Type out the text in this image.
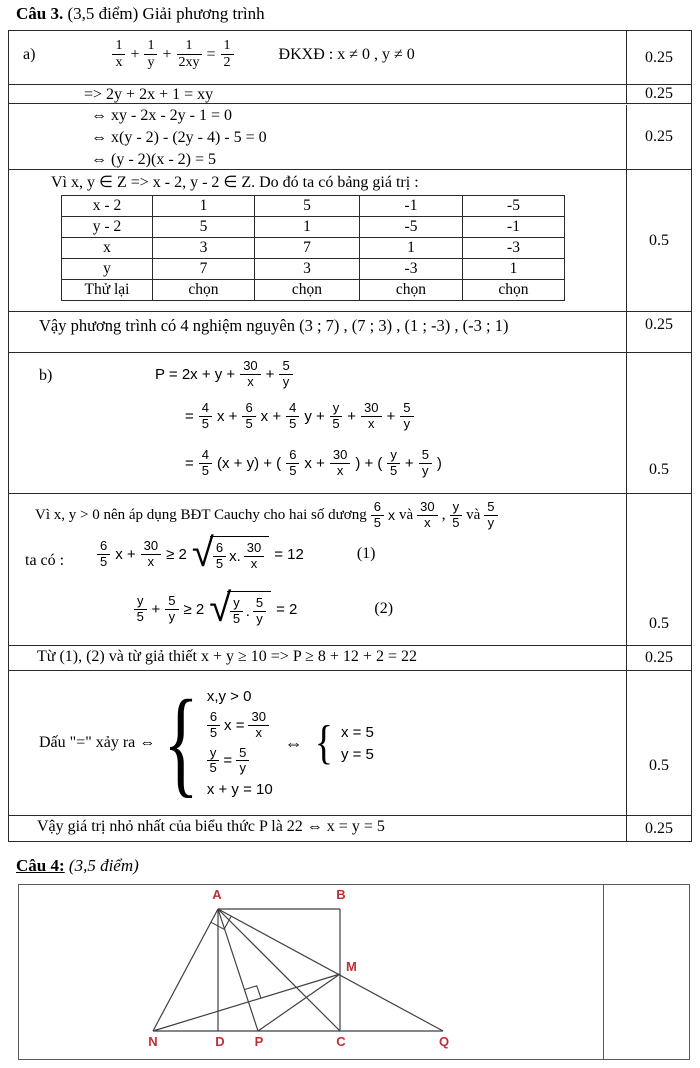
Câu 3. (3,5 điểm) Giải phương trình
a)
1
$x + \frac{1}{y} + \frac{1}{2xy} = \frac{1}{2}$	ĐKXĐ : x ≠ 0 , y ≠ 0	0.25
=> 2y + 2x + 1 = xy	0.25
⇔ xy - 2x - 2y - 1 = 0
⇔ x(y - 2) - (2y - 4) - 5 = 0
⇔ (y - 2)(x - 2) = 5
0.25
Vì x, y ∈ Z => x - 2, y - 2 ∈ Z. Do đó ta có bảng giá trị :
x - 2	1	5	-1	-5
y - 2	5	1	-5	-1
x	3	7	1	-3
y	7	3	-3	1
Thử lại	chọn	chọn	chọn	chọn
0.5
Vậy phương trình có 4 nghiệm nguyên (3 ; 7) , (7 ; 3) , (1 ; -3) , (-3 ; 1)	0.25
b)	$P = 2x + y + \frac{30}{x} + \frac{5}{y}$
= $\frac{4}{5}$ $x + \frac{6}{5}$ $x + \frac{4}{5}$ $y + \frac{y}{5} + \frac{30}{x} + \frac{5}{y}$
= $\frac{4}{5} (x + y)$ + (
6
5 $x + \frac{30}{x}$ ) + (
y
$5 + \frac{5}{y}$ )	0.5
Vì x, y > 0 nên áp dụng BĐT Cauchy cho hai số dương
6
5 x và
30
x , y
5 và
5
y
ta có :
6
5 $x + \frac{30}{x} \ge 2$ √ 6
5 x.
30
x
= 12	(1)
y
$5 + \frac{5}{y} \ge 2$ √ y
5 .
5
y
= 2	(2)
0.5
Từ (1), (2) và từ giả thiết x + y ≥ 10 => P ≥ 8 + 12 + 2 = 22	0.25
Dấu "=" xảy ra ⇔ { x,y > 0
6
5 $x = \frac{30}{x}$
$\frac{y}{5} = \frac{5}{y}$
x + y = 10
⇔ { x = 5
y = 5
0.5
Vậy giá trị nhỏ nhất của biểu thức P là 22 ⇔ x = y = 5	0.25
Câu 4: (3,5 điểm)
A	B
M
N	D P	C	Q
